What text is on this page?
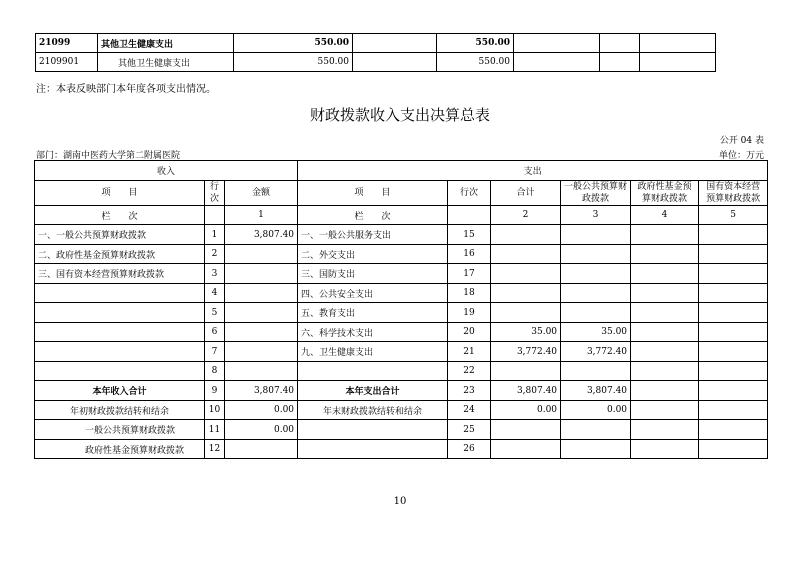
21099	其他卫生健康支出	550.00		550.00			
2109901	其他卫生健康支出	550.00		550.00			
注：本表反映部门本年度各项支出情况。
财政拨款收入支出决算总表
公开 04 表
部门：湖南中医药大学第二附属医院	单位：万元
收入			支出					
项　　目	行次	金额	项　　目	行次	合计	一般公共预算财政拨款	政府性基金预算财政拨款	国有资本经营预算财政拨款
栏　　次		1	栏　　次		2	3	4	5
一、一般公共预算财政拨款	1	3,807.40	一、一般公共服务支出	15				
二、政府性基金预算财政拨款	2		二、外交支出	16				
三、国有资本经营预算财政拨款	3		三、国防支出	17				
	4		四、公共安全支出	18				
	5		五、教育支出	19				
	6		六、科学技术支出	20	35.00	35.00		
	7		九、卫生健康支出	21	3,772.40	3,772.40		
	8			22				
本年收入合计	9	3,807.40	本年支出合计	23	3,807.40	3,807.40		
年初财政拨款结转和结余	10	0.00	年末财政拨款结转和结余	24	0.00	0.00		
一般公共预算财政拨款	11	0.00		25				
政府性基金预算财政拨款	12			26				
10
